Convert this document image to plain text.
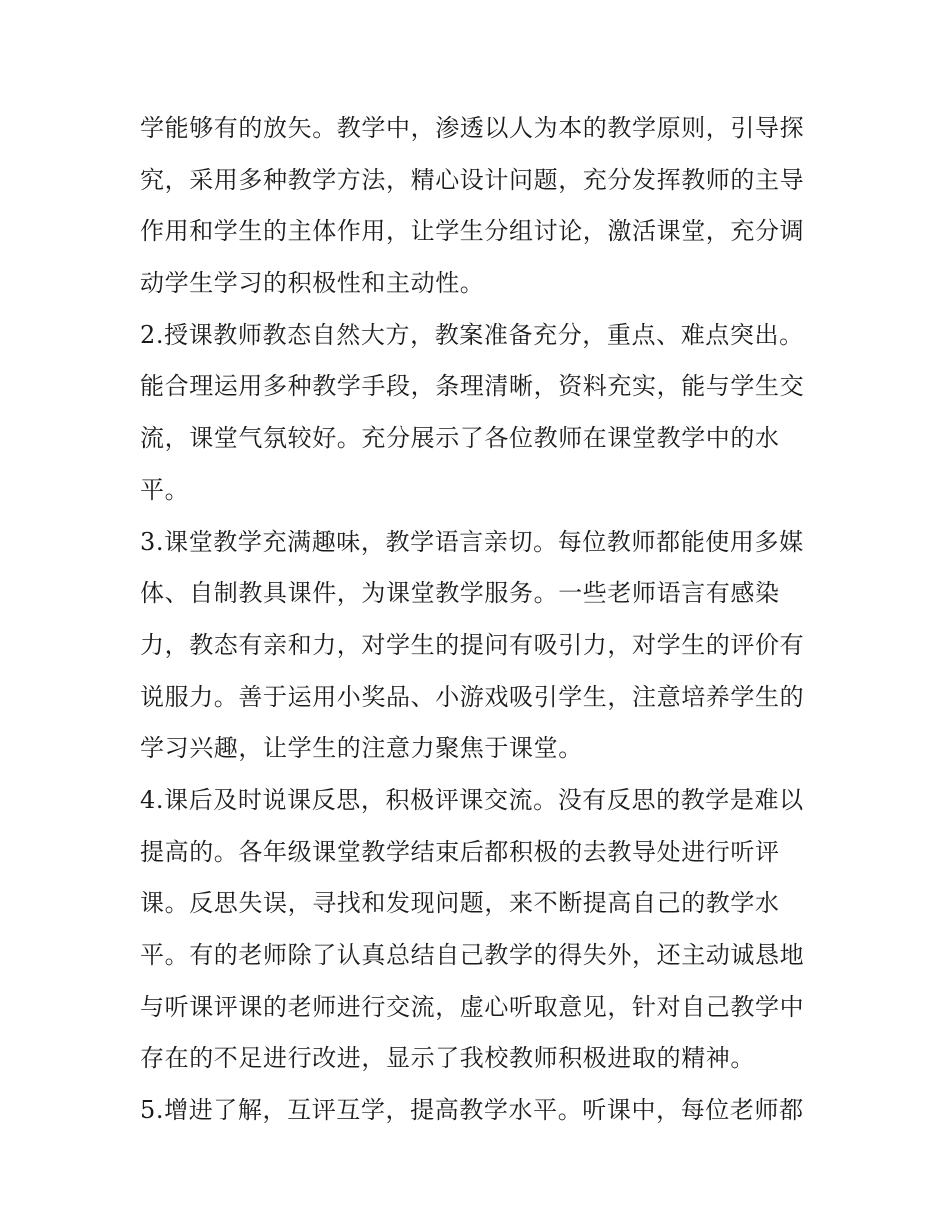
学能够有的放矢。教学中，渗透以人为本的教学原则，引导探
究，采用多种教学方法，精心设计问题，充分发挥教师的主导
作用和学生的主体作用，让学生分组讨论，激活课堂，充分调
动学生学习的积极性和主动性。
2.授课教师教态自然大方，教案准备充分，重点、难点突出。
能合理运用多种教学手段，条理清晰，资料充实，能与学生交
流，课堂气氛较好。充分展示了各位教师在课堂教学中的水
平。
3.课堂教学充满趣味，教学语言亲切。每位教师都能使用多媒
体、自制教具课件，为课堂教学服务。一些老师语言有感染
力，教态有亲和力，对学生的提问有吸引力，对学生的评价有
说服力。善于运用小奖品、小游戏吸引学生，注意培养学生的
学习兴趣，让学生的注意力聚焦于课堂。
4.课后及时说课反思，积极评课交流。没有反思的教学是难以
提高的。各年级课堂教学结束后都积极的去教导处进行听评
课。反思失误，寻找和发现问题，来不断提高自己的教学水
平。有的老师除了认真总结自己教学的得失外，还主动诚恳地
与听课评课的老师进行交流，虚心听取意见，针对自己教学中
存在的不足进行改进，显示了我校教师积极进取的精神。
5.增进了解，互评互学，提高教学水平。听课中，每位老师都
